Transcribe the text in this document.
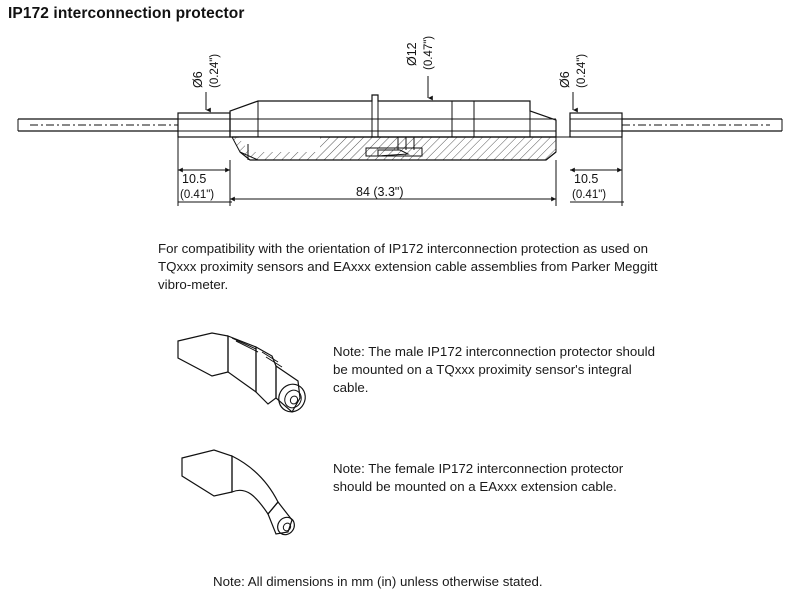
IP172 interconnection protector
Ø6 (0.24")	Ø12 (0.47")
Ø6 (0.24")
10.5
(0.41")
10.5
(0.41")
84 (3.3")
For compatibility with the orientation of IP172 interconnection protection as used on TQxxx proximity sensors and EAxxx extension cable assemblies from Parker Meggitt vibro-meter.
Note: The male IP172 interconnection protector should be mounted on a TQxxx proximity sensor's integral cable.
Note: The female IP172 interconnection protector should be mounted on a EAxxx extension cable.
Note: All dimensions in mm (in) unless otherwise stated.
